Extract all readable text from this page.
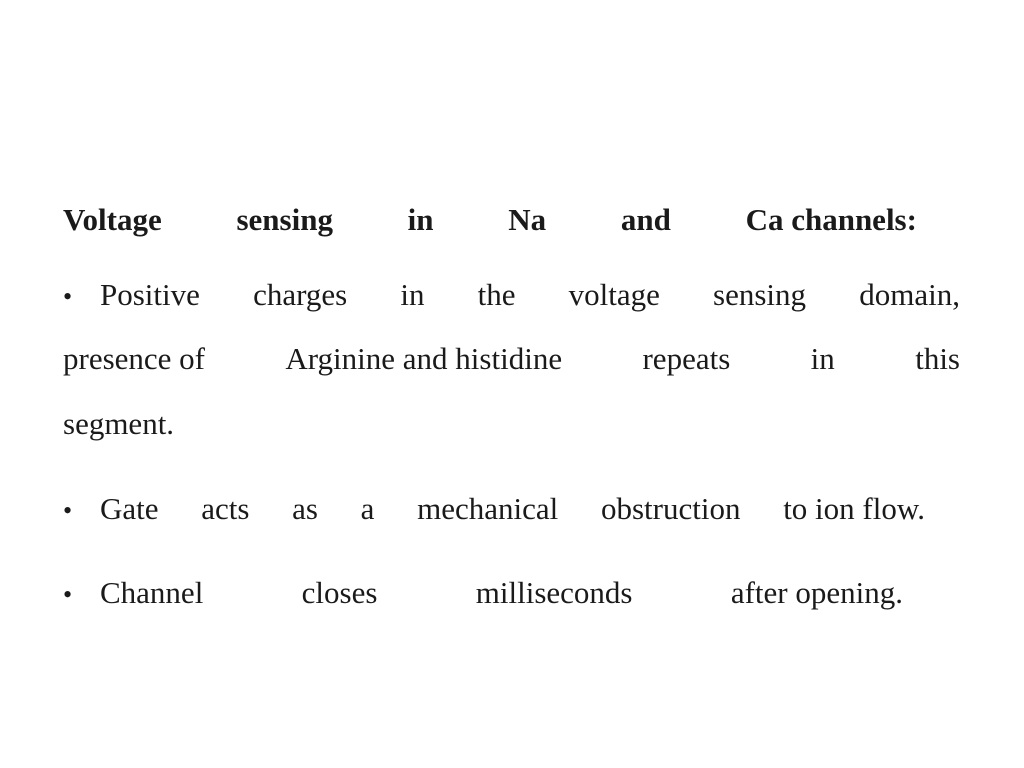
Voltage sensing in Na and Ca channels:
• Positive charges in the voltage sensing domain,
presence of	Arginine and histidine	repeats	in	this
segment.
• Gate acts as a mechanical obstruction to ion flow.
• Channel	closes	milliseconds	after opening.
